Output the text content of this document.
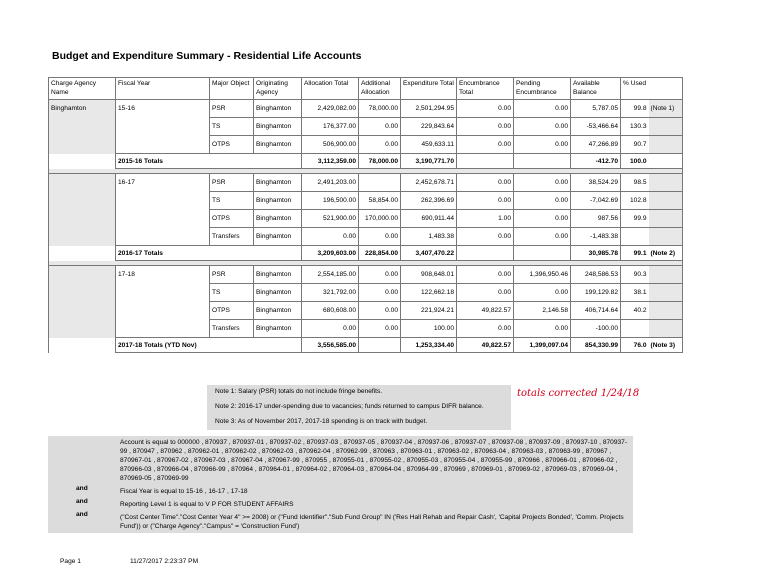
Budget and Expenditure Summary - Residential Life Accounts
Charge Agency Name	Fiscal Year	Major Object	Originating Agency	Allocation Total	Additional Allocation	Expenditure Total	Encumbrance Total	Pending Encumbrance	Available Balance	% Used	
Binghamton	15-16	PSR	Binghamton	2,429,082.00	78,000.00	2,501,294.95	0.00	0.00	5,787.05	99.8	(Note 1)
		TS	Binghamton	176,377.00	0.00	229,843.64	0.00	0.00	-53,466.64	130.3	
		OTPS	Binghamton	506,900.00	0.00	459,633.11	0.00	0.00	47,266.89	90.7	
	2015-16 Totals			3,112,359.00	78,000.00	3,190,771.70			-412.70	100.0	

	16-17	PSR	Binghamton	2,491,203.00		2,452,678.71	0.00	0.00	38,524.29	98.5	
		TS	Binghamton	196,500.00	58,854.00	262,396.69	0.00	0.00	-7,042.69	102.8	
		OTPS	Binghamton	521,900.00	170,000.00	690,911.44	1.00	0.00	987.56	99.9	
		Transfers	Binghamton	0.00	0.00	1,483.38	0.00	0.00	-1,483.38		
	2016-17 Totals			3,209,603.00	228,854.00	3,407,470.22			30,985.78	99.1	(Note 2)

	17-18	PSR	Binghamton	2,554,185.00	0.00	908,648.01	0.00	1,396,950.46	248,586.53	90.3	
		TS	Binghamton	321,792.00	0.00	122,662.18	0.00	0.00	199,129.82	38.1	
		OTPS	Binghamton	680,608.00	0.00	221,924.21	49,822.57	2,146.58	406,714.64	40.2	
		Transfers	Binghamton	0.00	0.00	100.00	0.00	0.00	-100.00		
	2017-18 Totals (YTD Nov)			3,556,585.00		1,253,334.40	49,822.57	1,399,097.04	854,330.99	76.0	(Note 3)
Note 1: Salary (PSR) totals do not include fringe benefits.
Note 2: 2016-17 under-spending due to vacancies; funds returned to campus DIFR balance.
Note 3: As of November 2017, 2017-18 spending is on track with budget.
totals corrected 1/24/18
Account is equal to 000000 , 870937 , 870937-01 , 870937-02 , 870937-03 , 870937-05 , 870937-04 , 870937-06 , 870937-07 , 870937-08 , 870937-09 , 870937-10 , 870937-99 , 870947 , 870962 , 870962-01 , 870962-02 , 870962-03 , 870962-04 , 870962-99 , 870963 , 870963-01 , 870963-02 , 870963-04 , 870963-03 , 870963-99 , 870967 , 870967-01 , 870967-02 , 870967-03 , 870967-04 , 870967-99 , 870955 , 870955-01 , 870955-02 , 870955-03 , 870955-04 , 870955-99 , 870966 , 870966-01 , 870966-02 , 870966-03 , 870966-04 , 870966-99 , 870964 , 870964-01 , 870964-02 , 870964-03 , 870964-04 , 870964-99 , 870969 , 870969-01 , 870969-02 , 870969-03 , 870969-04 , 870969-05 , 870969-99
and	Fiscal Year is equal to 15-16 , 16-17 , 17-18
and	Reporting Level 1 is equal to V P FOR STUDENT AFFAIRS
and	("Cost Center Time"."Cost Center Year 4" >= 2008) or ("Fund Identifier"."Sub Fund Group" IN ('Res Hall Rehab and Repair Cash', 'Capital Projects Bonded', 'Comm. Projects Fund')) or ("Charge Agency"."Campus" = 'Construction Fund')
Page 1	11/27/2017 2:23:37 PM
